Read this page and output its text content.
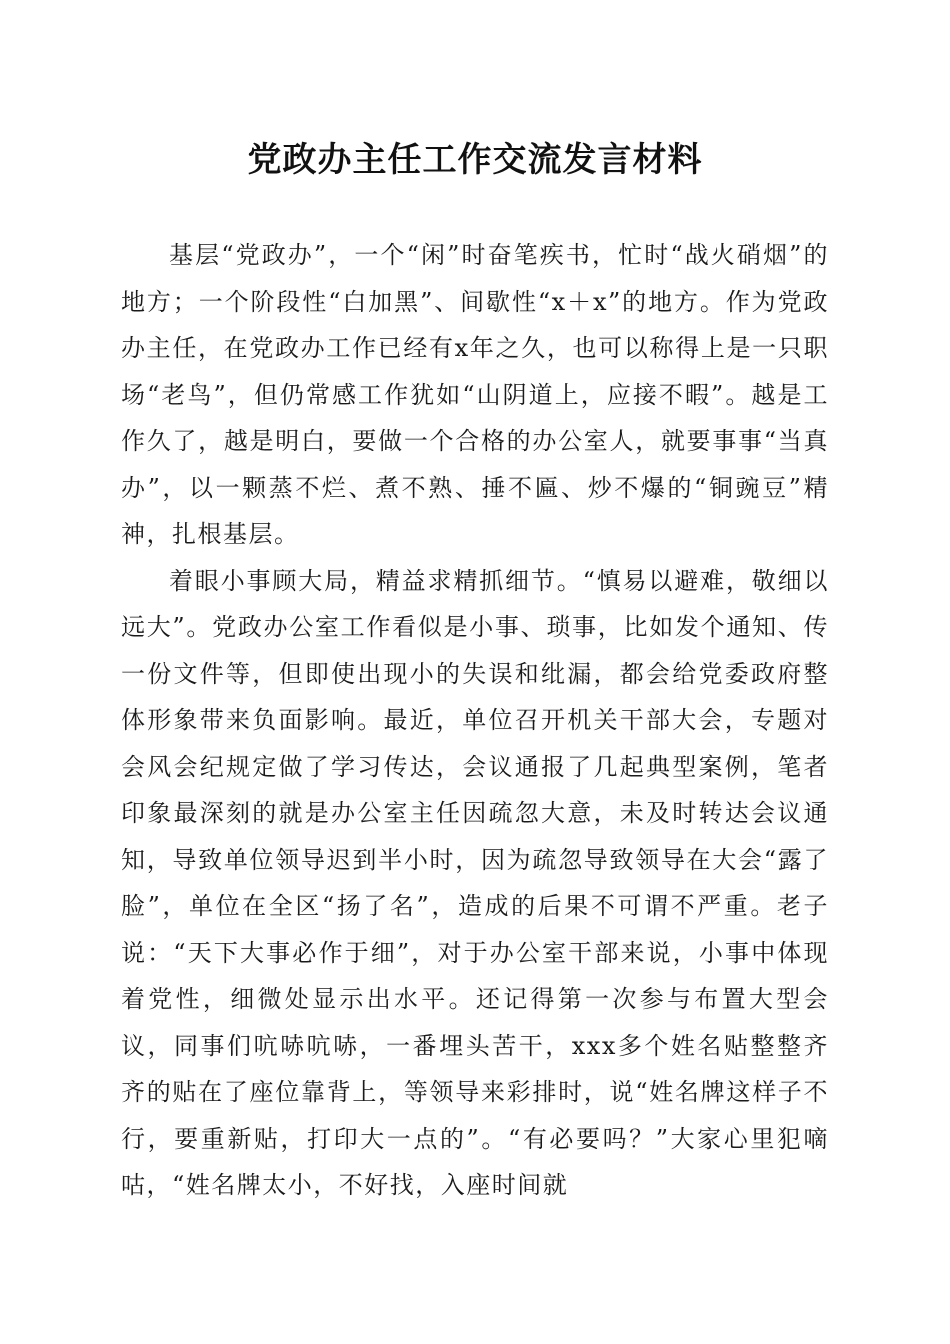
党政办主任工作交流发言材料

基层“党政办”，一个“闲”时奋笔疾书，忙时“战火硝烟”的地方；一个阶段性“白加黑”、间歇性“x＋x”的地方。作为党政办主任，在党政办工作已经有x年之久，也可以称得上是一只职场“老鸟”，但仍常感工作犹如“山阴道上，应接不暇”。越是工作久了，越是明白，要做一个合格的办公室人，就要事事“当真办”，以一颗蒸不烂、煮不熟、捶不匾、炒不爆的“铜豌豆”精神，扎根基层。

着眼小事顾大局，精益求精抓细节。“慎易以避难，敬细以远大”。党政办公室工作看似是小事、琐事，比如发个通知、传一份文件等，但即使出现小的失误和纰漏，都会给党委政府整体形象带来负面影响。最近，单位召开机关干部大会，专题对会风会纪规定做了学习传达，会议通报了几起典型案例，笔者印象最深刻的就是办公室主任因疏忽大意，未及时转达会议通知，导致单位领导迟到半小时，因为疏忽导致领导在大会“露了脸”，单位在全区“扬了名”，造成的后果不可谓不严重。老子说：“天下大事必作于细”，对于办公室干部来说，小事中体现着党性，细微处显示出水平。还记得第一次参与布置大型会议，同事们吭哧吭哧，一番埋头苦干，xxx多个姓名贴整整齐齐的贴在了座位靠背上，等领导来彩排时，说“姓名牌这样子不行，要重新贴，打印大一点的”。“有必要吗？”大家心里犯嘀咕，“姓名牌太小，不好找，入座时间就
